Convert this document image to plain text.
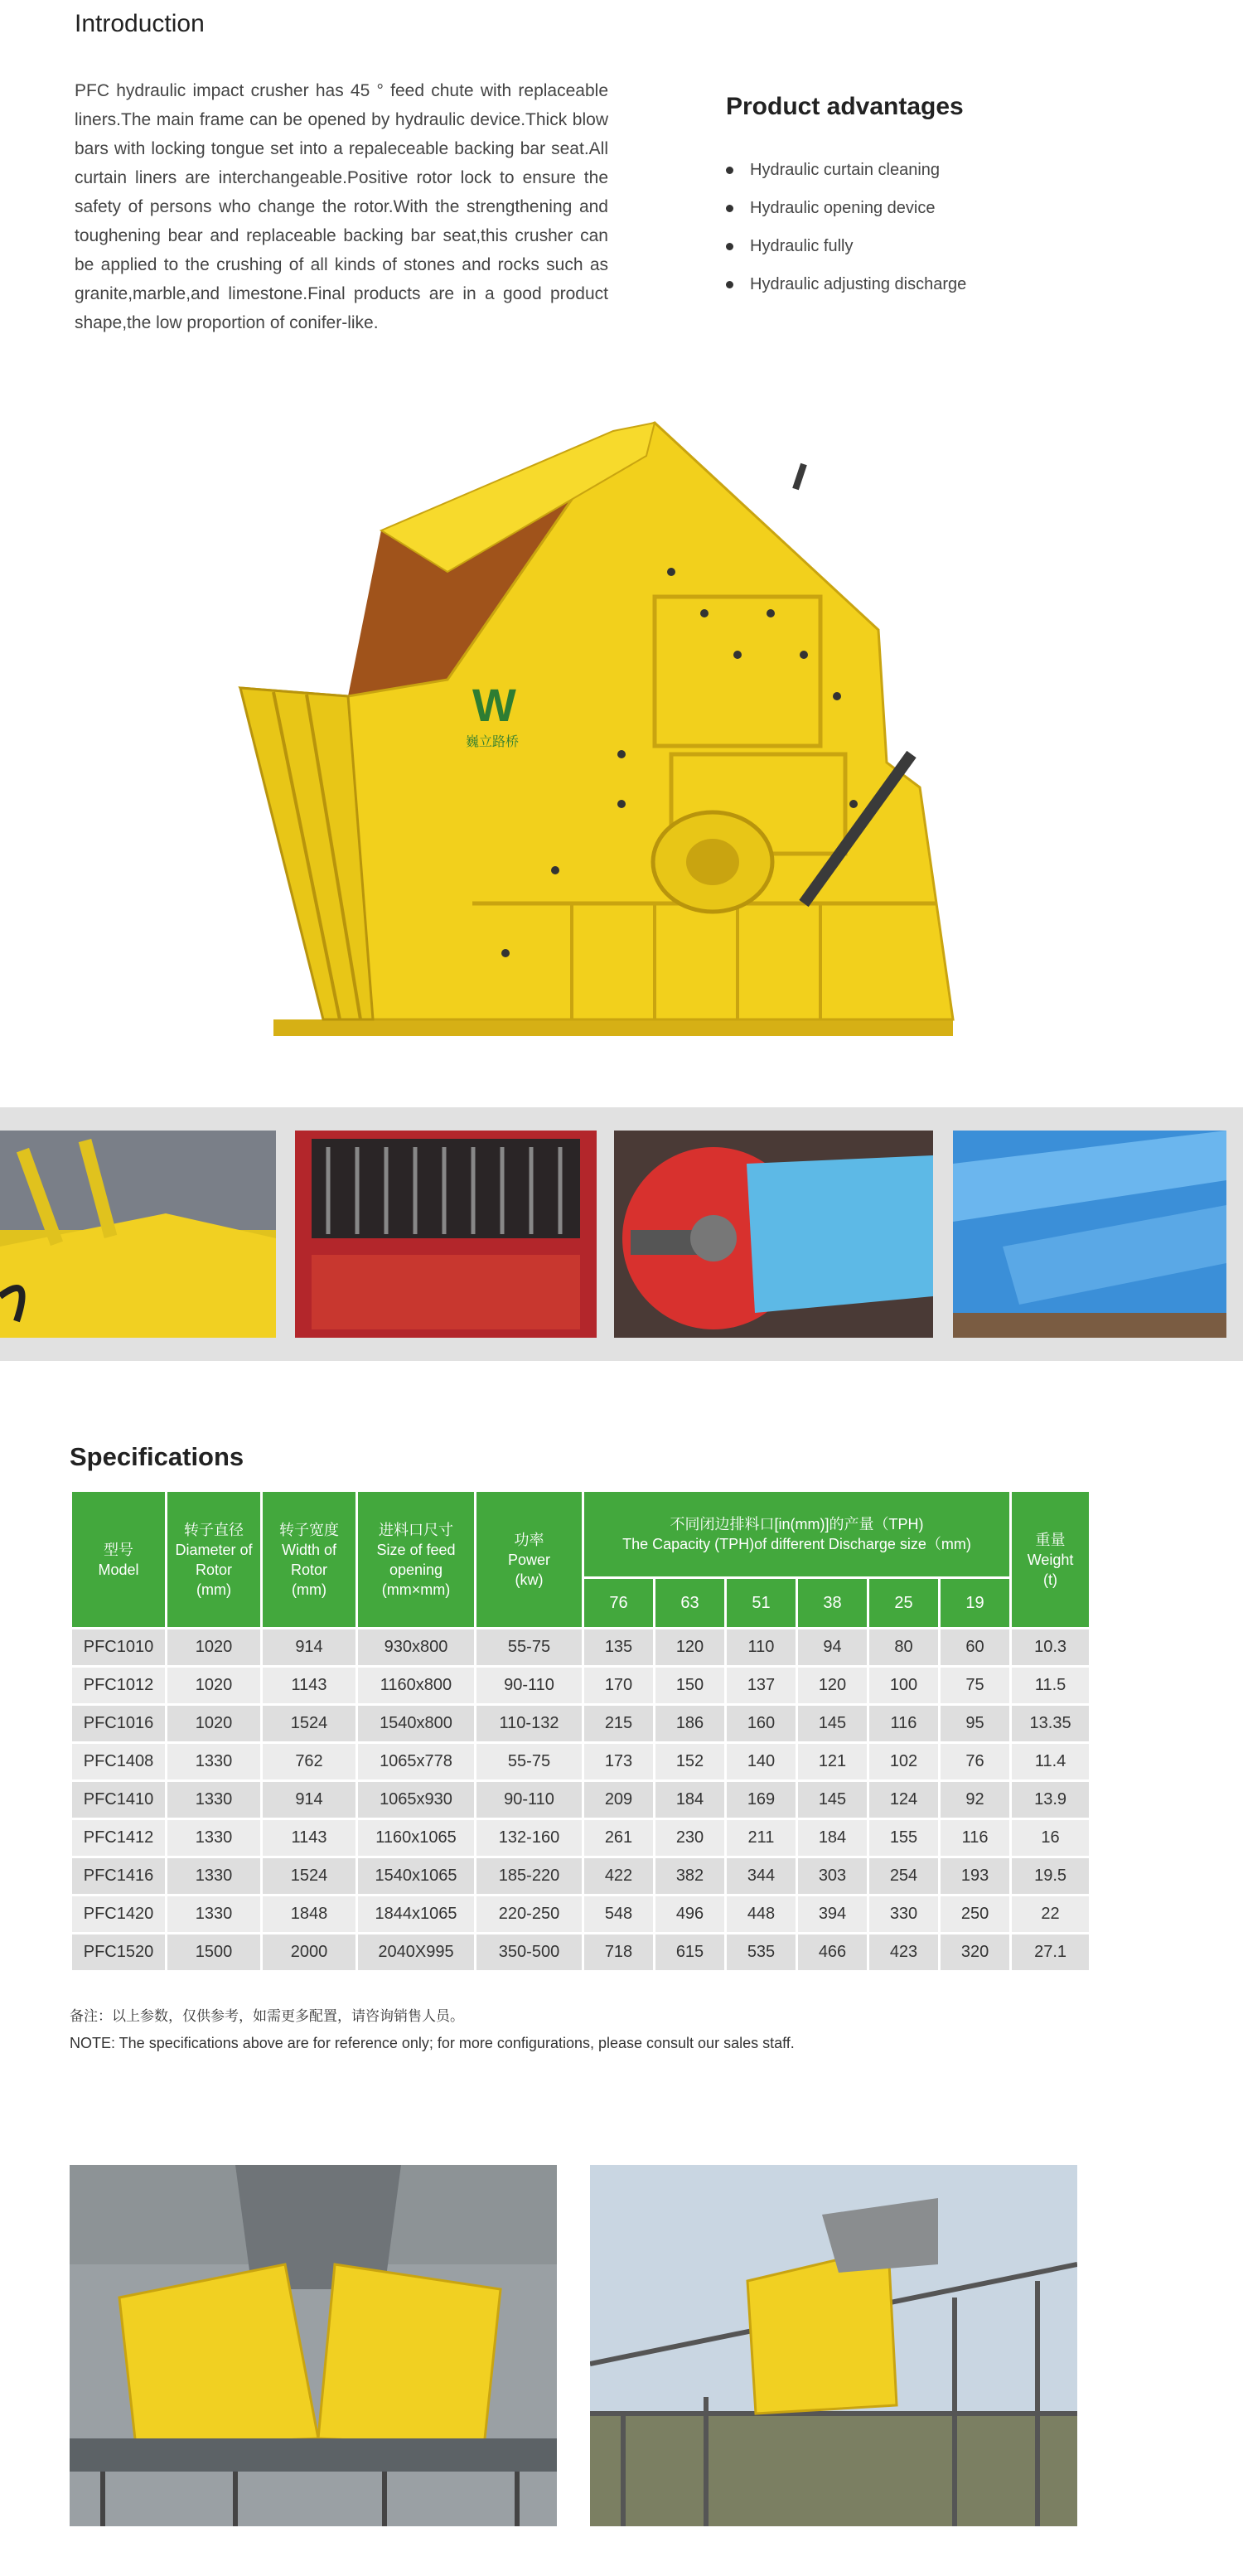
Introduction

PFC hydraulic impact crusher has 45 ° feed chute with replaceable liners.The main frame can be opened by hydraulic device.Thick blow bars with locking tongue set into a repaleceable backing bar seat.All curtain liners are interchangeable.Positive rotor lock to ensure the safety of persons who change the rotor.With the strengthening and toughening bear and replaceable backing bar seat,this crusher can be applied to the crushing of all kinds of stones and rocks such as granite,marble,and limestone.Final products are in a good product shape,the low proportion of conifer-like.

Product advantages
Hydraulic curtain cleaning
Hydraulic opening device
Hydraulic fully
Hydraulic adjusting discharge
W
巍立路桥
Specifications
型号
Model	转子直径
Diameter of
Rotor
(mm)	转子宽度
Width of
Rotor
(mm)	进料口尺寸
Size of feed
opening
(mm×mm)	功率
Power
(kw)	不同闭边排料口[in(mm)]的产量（TPH)
The Capacity (TPH)of different Discharge size（mm)						重量
Weight
(t)
					76	63	51	38	25	19	
PFC1010	1020	914	930x800	55-75	135	120	110	94	80	60	10.3
PFC1012	1020	1143	1160x800	90-110	170	150	137	120	100	75	11.5
PFC1016	1020	1524	1540x800	110-132	215	186	160	145	116	95	13.35
PFC1408	1330	762	1065x778	55-75	173	152	140	121	102	76	11.4
PFC1410	1330	914	1065x930	90-110	209	184	169	145	124	92	13.9
PFC1412	1330	1143	1160x1065	132-160	261	230	211	184	155	116	16
PFC1416	1330	1524	1540x1065	185-220	422	382	344	303	254	193	19.5
PFC1420	1330	1848	1844x1065	220-250	548	496	448	394	330	250	22
PFC1520	1500	2000	2040X995	350-500	718	615	535	466	423	320	27.1

备注：以上参数，仅供参考，如需更多配置，请咨询销售人员。

NOTE: The specifications above are for reference only; for more configurations, please consult our sales staff.
